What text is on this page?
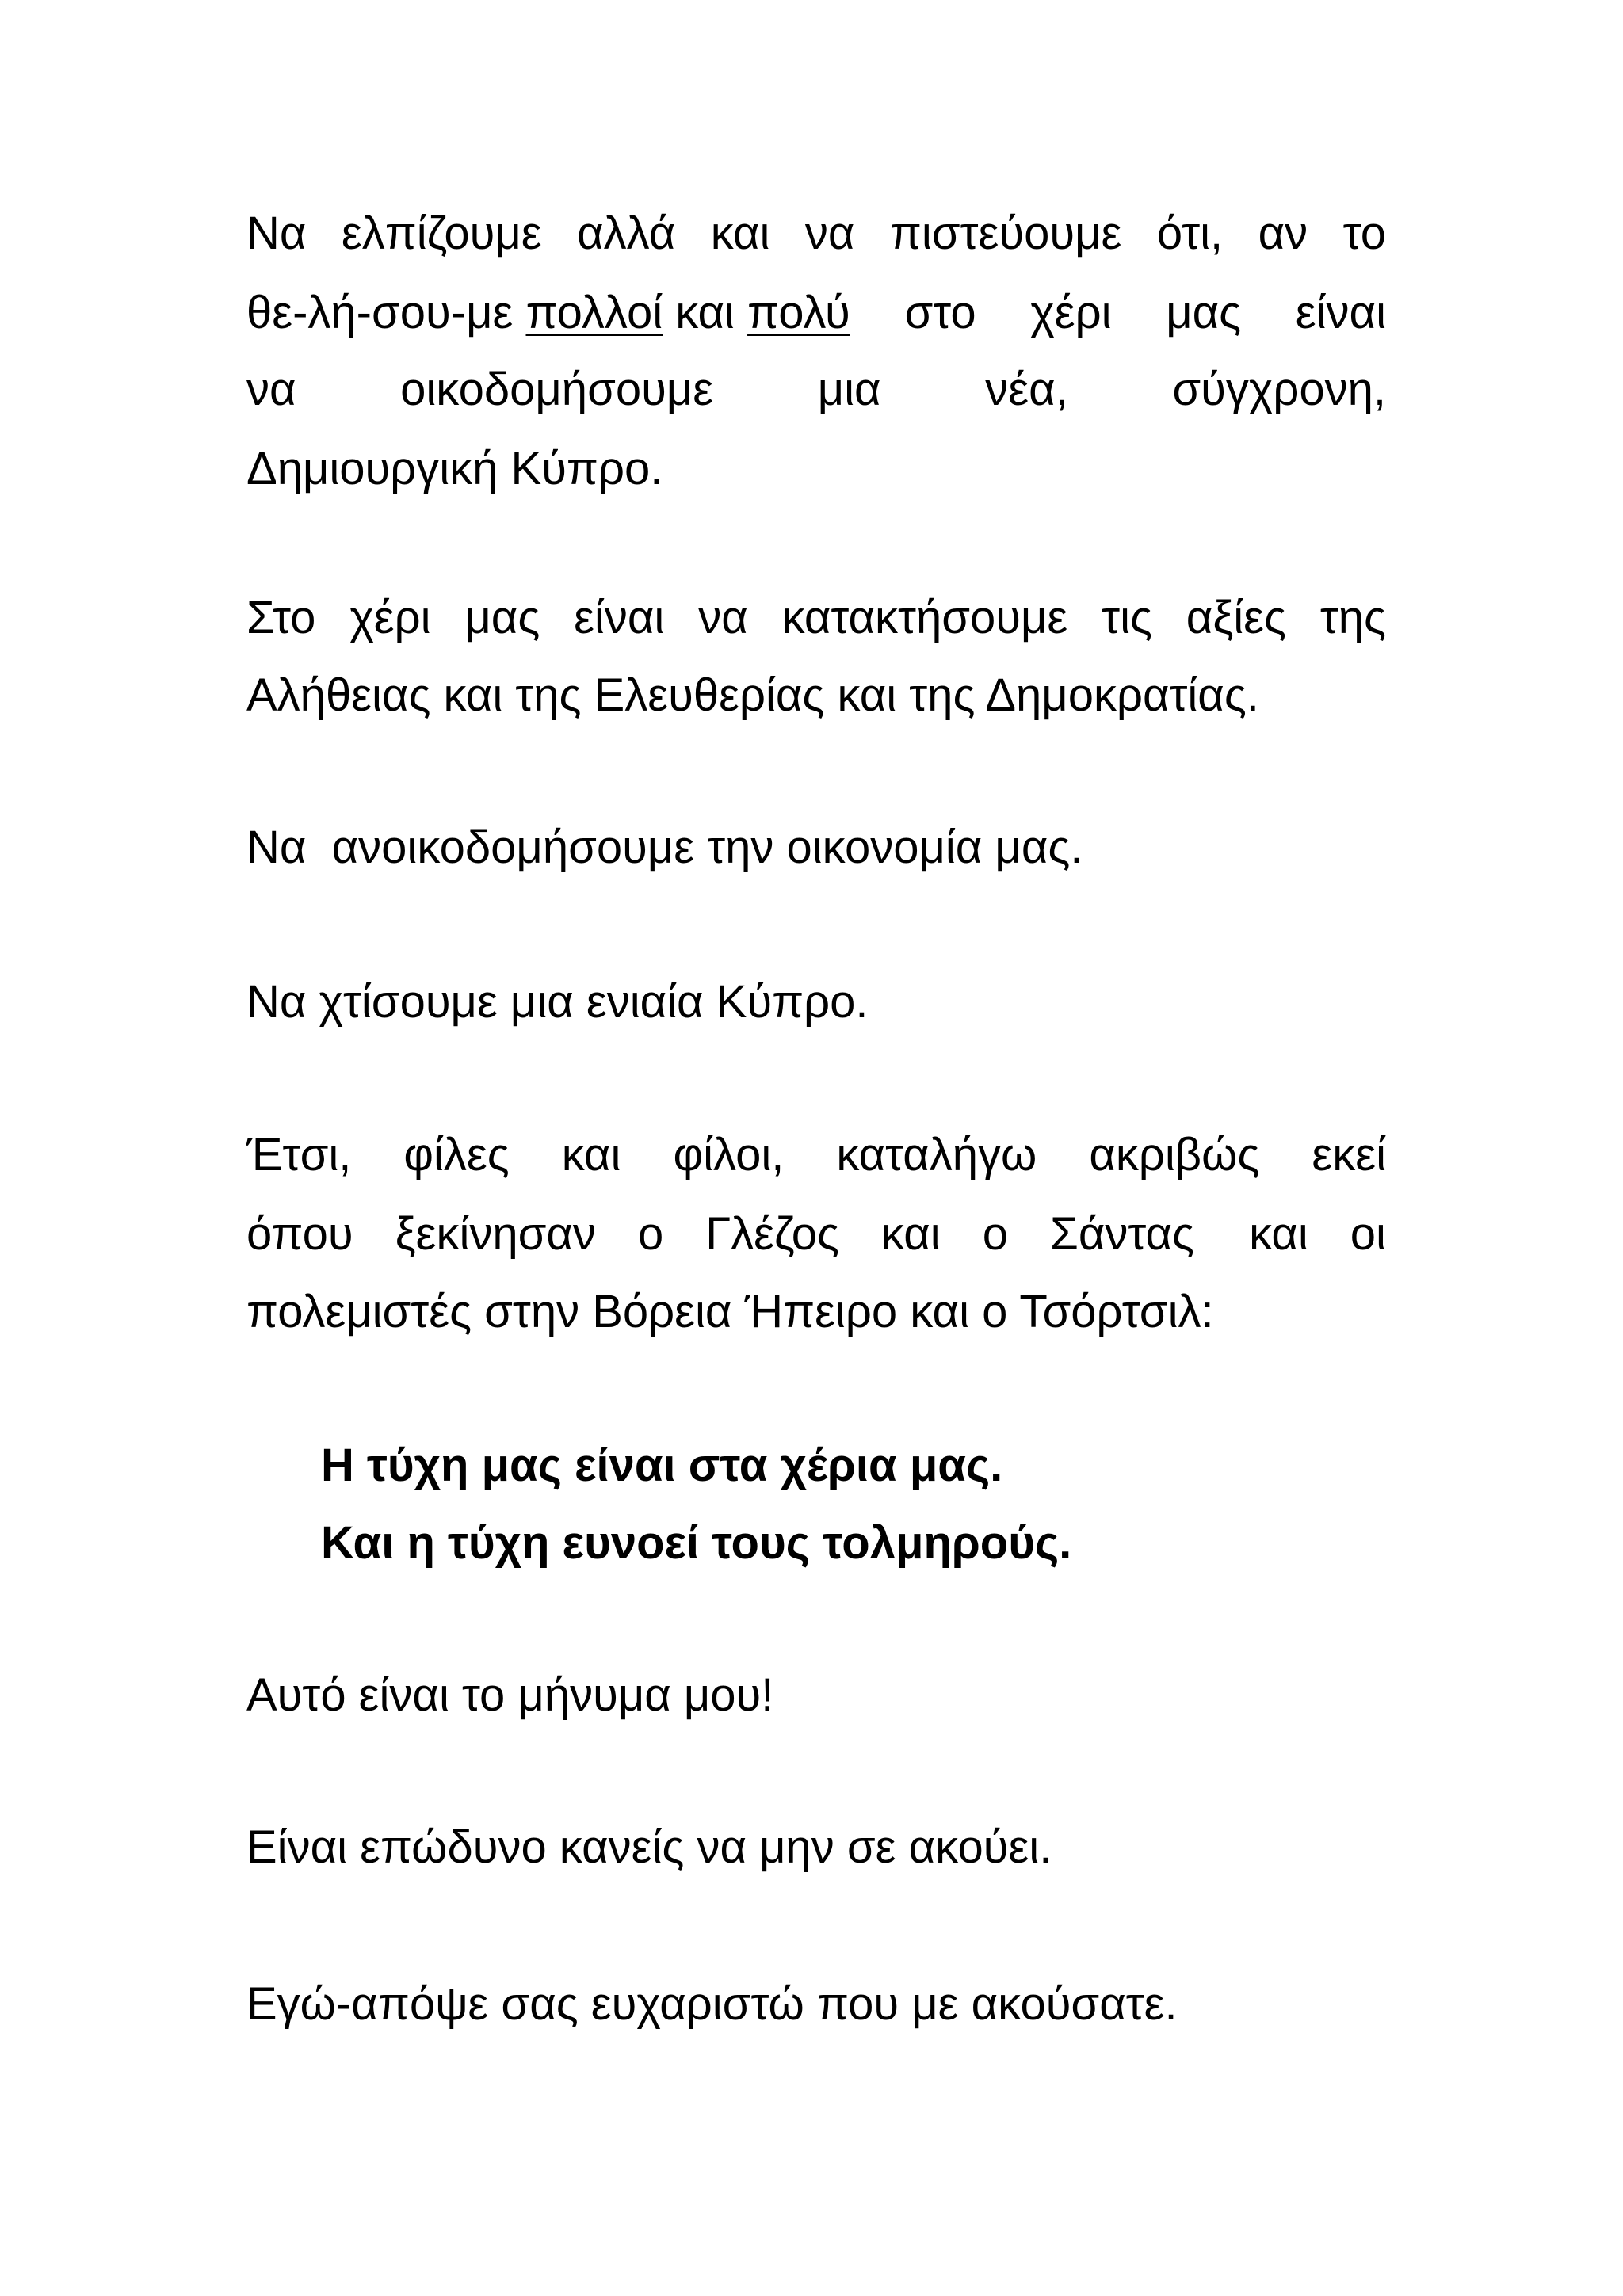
Να ελπίζουμε αλλά και να πιστεύουμε ότι, αν το
θε-λή-σου-με πολλοί και πολύ στο χέρι μας είναι
να οικοδομήσουμε μια νέα, σύγχρονη,
Δημιουργική Κύπρο.
Στο χέρι μας είναι να κατακτήσουμε τις αξίες της
Αλήθειας και της Ελευθερίας και της Δημοκρατίας.
Να  ανοικοδομήσουμε την οικονομία μας.
Να χτίσουμε μια ενιαία Κύπρο.
Έτσι, φίλες και φίλοι, καταλήγω ακριβώς εκεί
όπου ξεκίνησαν ο Γλέζος και ο Σάντας και οι
πολεμιστές στην Βόρεια Ήπειρο και ο Τσόρτσιλ:
Η τύχη μας είναι στα χέρια μας.
Και η τύχη ευνοεί τους τολμηρούς.
Αυτό είναι το μήνυμα μου!
Είναι επώδυνο κανείς να μην σε ακούει.
Εγώ-απόψε σας ευχαριστώ που με ακούσατε.
